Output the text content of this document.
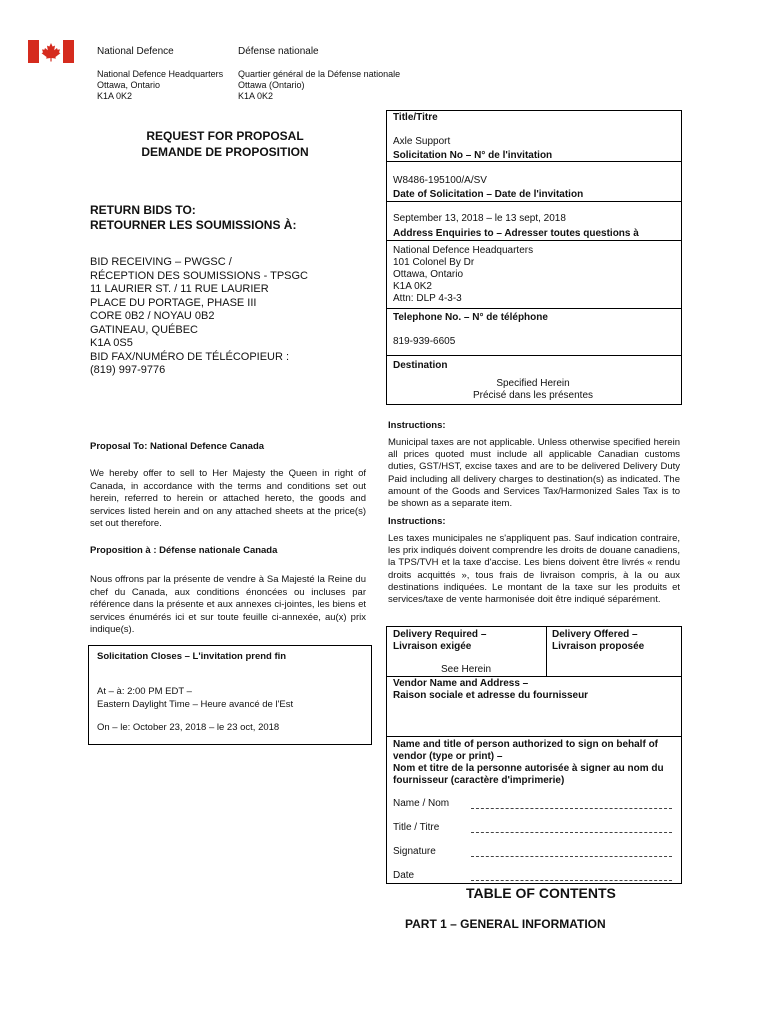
National Defence	Défense nationale
National Defence Headquarters
Ottawa, Ontario
K1A 0K2
Quartier général de la Défense nationale
Ottawa (Ontario)
K1A 0K2
REQUEST FOR PROPOSAL
DEMANDE DE PROPOSITION
RETURN BIDS TO:
RETOURNER LES SOUMISSIONS À:
BID RECEIVING – PWGSC /
RÉCEPTION DES SOUMISSIONS - TPSGC
11 LAURIER ST. / 11 RUE LAURIER
PLACE DU PORTAGE, PHASE III
CORE 0B2 / NOYAU 0B2
GATINEAU, QUÉBEC
K1A 0S5
BID FAX/NUMÉRO DE TÉLÉCOPIEUR :
(819) 997-9776
Proposal To: National Defence Canada
We hereby offer to sell to Her Majesty the Queen in right of Canada, in accordance with the terms and conditions set out herein, referred to herein or attached hereto, the goods and services listed herein and on any attached sheets at the price(s) set out therefore.
Proposition à : Défense nationale Canada
Nous offrons par la présente de vendre à Sa Majesté la Reine du chef du Canada, aux conditions énoncées ou incluses par référence dans la présente et aux annexes ci-jointes, les biens et services énumérés ici et sur toute feuille ci-annexée, au(x) prix indique(s).
Solicitation Closes – L'invitation prend fin
At – à: 2:00 PM EDT –
Eastern Daylight Time – Heure avancé de l'Est
On – le: October 23, 2018 – le 23 oct, 2018
Title/Titre
Axle Support
Solicitation No – N° de l'invitation
W8486-195100/A/SV
Date of Solicitation – Date de l'invitation
September 13, 2018 – le 13 sept, 2018
Address Enquiries to – Adresser toutes questions à
National Defence Headquarters
101 Colonel By Dr
Ottawa, Ontario
K1A 0K2
Attn: DLP 4-3-3
Telephone No. – N° de téléphone
819-939-6605
Destination
Specified Herein
Précisé dans les présentes
Instructions:
Municipal taxes are not applicable. Unless otherwise specified herein all prices quoted must include all applicable Canadian customs duties, GST/HST, excise taxes and are to be delivered Delivery Duty Paid including all delivery charges to destination(s) as indicated. The amount of the Goods and Services Tax/Harmonized Sales Tax is to be shown as a separate item.
Instructions:
Les taxes municipales ne s'appliquent pas. Sauf indication contraire, les prix indiqués doivent comprendre les droits de douane canadiens, la TPS/TVH et la taxe d'accise. Les biens doivent être livrés « rendu droits acquittés », tous frais de livraison compris, à la ou aux destinations indiquées. Le montant de la taxe sur les produits et services/taxe de vente harmonisée doit être indiqué séparément.
Delivery Required –
Livraison exigée
Delivery Offered –
Livraison proposée
See Herein
Vendor Name and Address –
Raison sociale et adresse du fournisseur
Name and title of person authorized to sign on behalf of
vendor (type or print) –
Nom et titre de la personne autorisée à signer au nom du
fournisseur (caractère d'imprimerie)
Name / Nom
Title / Titre
Signature
Date
TABLE OF CONTENTS
PART 1 – GENERAL INFORMATION
